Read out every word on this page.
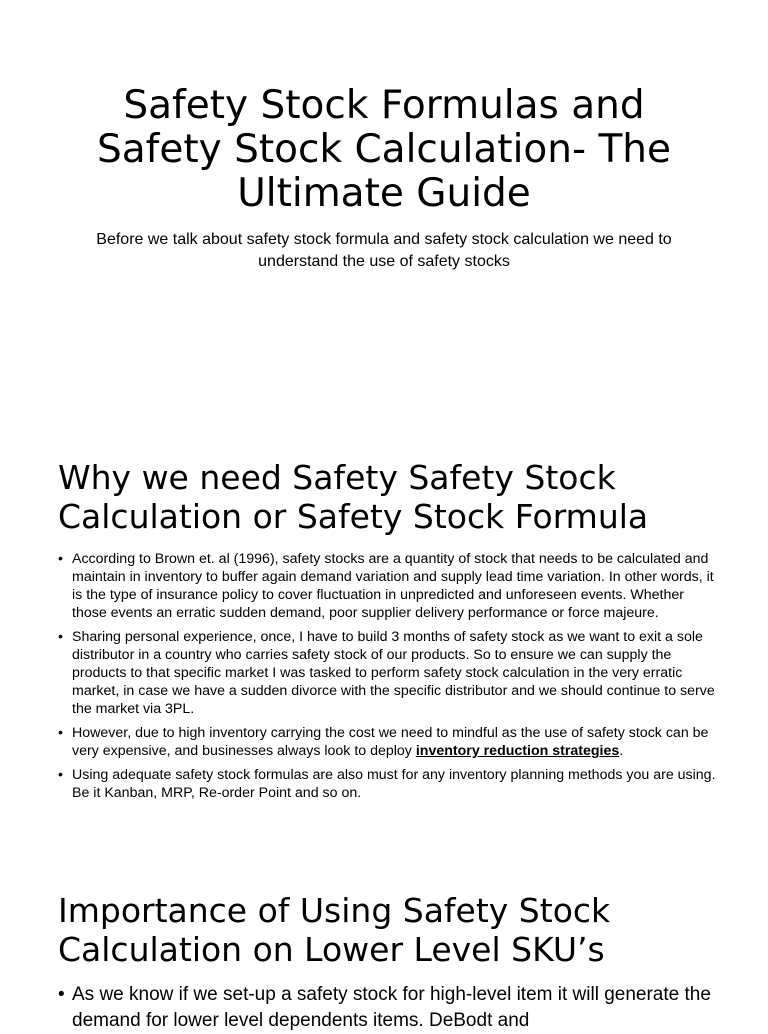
Safety Stock Formulas and Safety Stock Calculation- The Ultimate Guide

Before we talk about safety stock formula and safety stock calculation we need to understand the use of safety stocks

Why we need Safety Safety Stock Calculation or Safety Stock Formula
• According to Brown et. al (1996), safety stocks are a quantity of stock that needs to be calculated and maintain in inventory to buffer again demand variation and supply lead time variation. In other words, it is the type of insurance policy to cover fluctuation in unpredicted and unforeseen events. Whether those events an erratic sudden demand, poor supplier delivery performance or force majeure.
• Sharing personal experience, once, I have to build 3 months of safety stock as we want to exit a sole distributor in a country who carries safety stock of our products. So to ensure we can supply the products to that specific market I was tasked to perform safety stock calculation in the very erratic market, in case we have a sudden divorce with the specific distributor and we should continue to serve the market via 3PL.
• However, due to high inventory carrying the cost we need to mindful as the use of safety stock can be very expensive, and businesses always look to deploy inventory reduction strategies.
• Using adequate safety stock formulas are also must for any inventory planning methods you are using. Be it Kanban, MRP, Re-order Point and so on.
Importance of Using Safety Stock Calculation on Lower Level SKU’s
• As we know if we set-up a safety stock for high-level item it will generate the demand for lower level dependents items. DeBodt and
